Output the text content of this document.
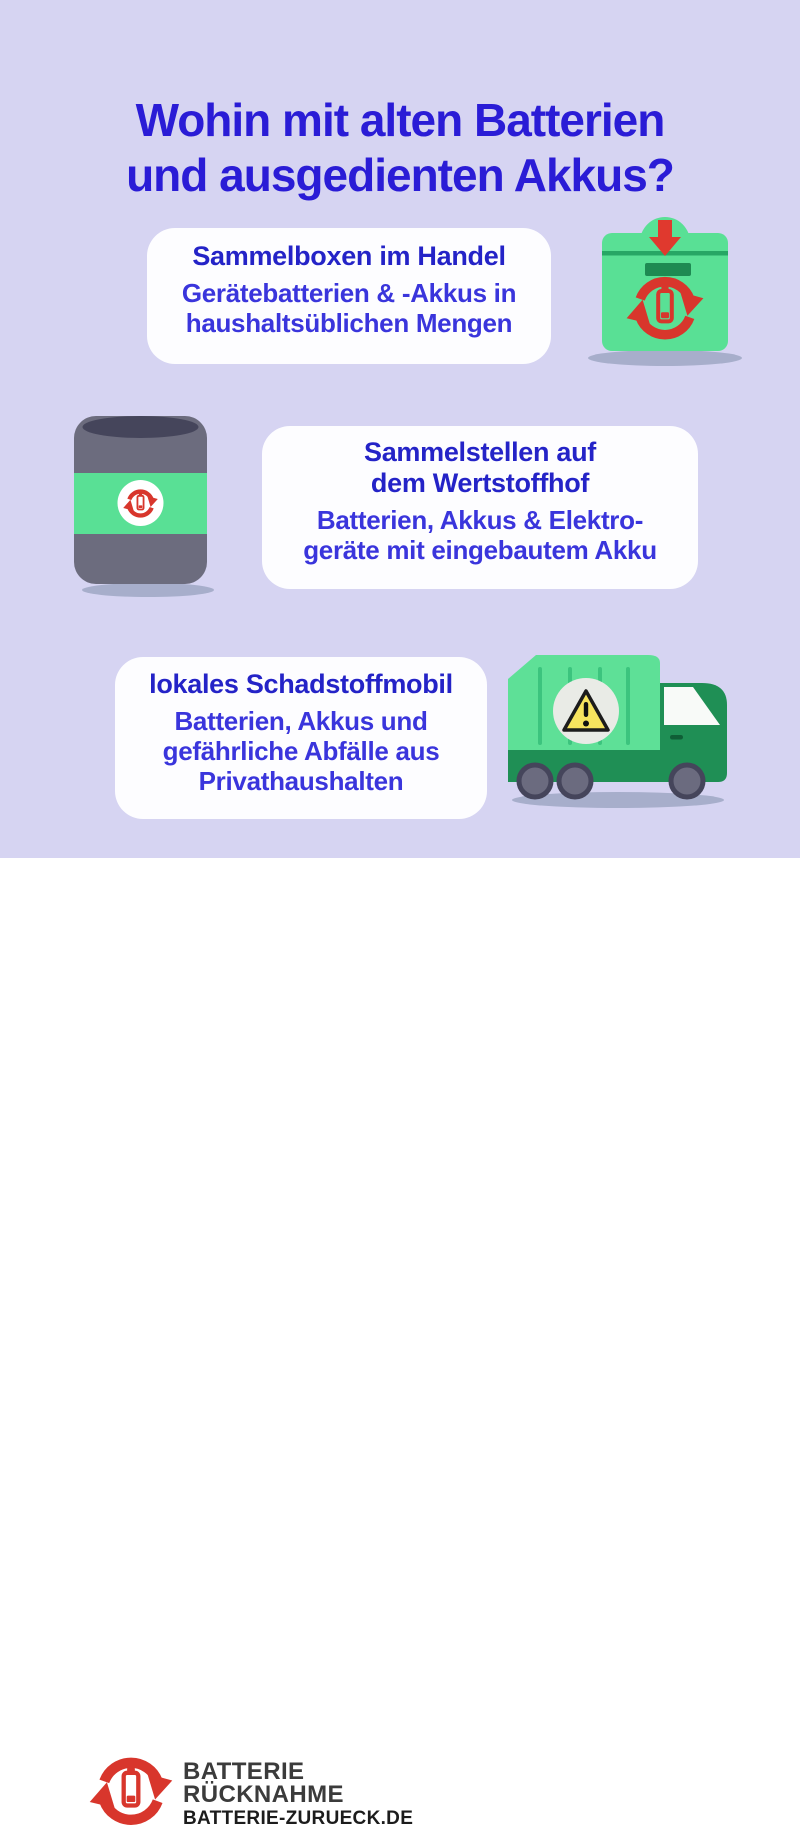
Wohin mit alten Batterien
und ausgedienten Akkus?
Sammelboxen im Handel
Gerätebatterien & -Akkus in
haushaltsüblichen Mengen
Sammelstellen auf
dem Wertstoffhof
Batterien, Akkus & Elektro-
geräte mit eingebautem Akku
lokales Schadstoffmobil
Batterien, Akkus und
gefährliche Abfälle aus
Privathaushalten
BATTERIE
RÜCKNAHME
BATTERIE-ZURUECK.DE
